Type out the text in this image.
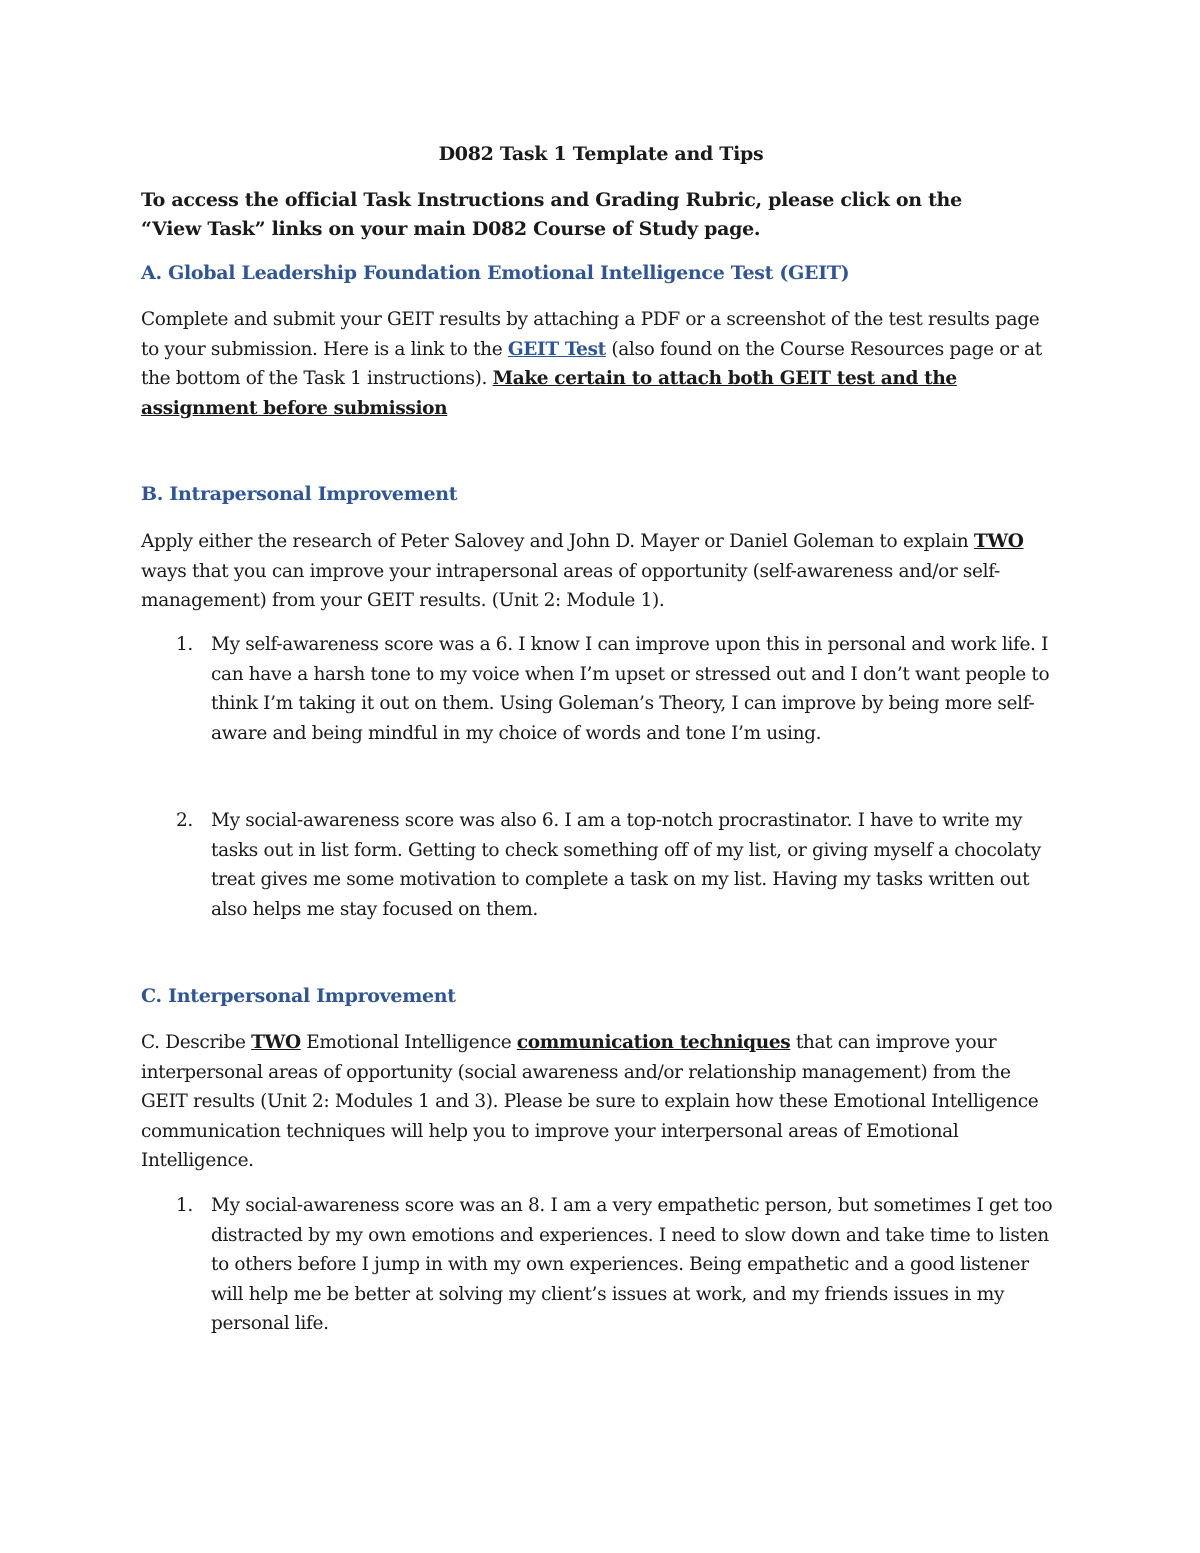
D082 Task 1 Template and Tips
To access the official Task Instructions and Grading Rubric, please click on the “View Task” links on your main D082 Course of Study page.
A. Global Leadership Foundation Emotional Intelligence Test (GEIT)
Complete and submit your GEIT results by attaching a PDF or a screenshot of the test results page to your submission. Here is a link to the GEIT Test (also found on the Course Resources page or at the bottom of the Task 1 instructions). Make certain to attach both GEIT test and the assignment before submission
B. Intrapersonal Improvement
Apply either the research of Peter Salovey and John D. Mayer or Daniel Goleman to explain TWO ways that you can improve your intrapersonal areas of opportunity (self-awareness and/or self-management) from your GEIT results. (Unit 2: Module 1).
1. My self-awareness score was a 6. I know I can improve upon this in personal and work life. I can have a harsh tone to my voice when I’m upset or stressed out and I don’t want people to think I’m taking it out on them. Using Goleman’s Theory, I can improve by being more self-aware and being mindful in my choice of words and tone I’m using.
2. My social-awareness score was also 6. I am a top-notch procrastinator. I have to write my tasks out in list form. Getting to check something off of my list, or giving myself a chocolaty treat gives me some motivation to complete a task on my list. Having my tasks written out also helps me stay focused on them.
C. Interpersonal Improvement
C. Describe TWO Emotional Intelligence communication techniques that can improve your interpersonal areas of opportunity (social awareness and/or relationship management) from the GEIT results (Unit 2: Modules 1 and 3). Please be sure to explain how these Emotional Intelligence communication techniques will help you to improve your interpersonal areas of Emotional Intelligence.
1. My social-awareness score was an 8. I am a very empathetic person, but sometimes I get too distracted by my own emotions and experiences. I need to slow down and take time to listen to others before I jump in with my own experiences. Being empathetic and a good listener will help me be better at solving my client’s issues at work, and my friends issues in my personal life.
